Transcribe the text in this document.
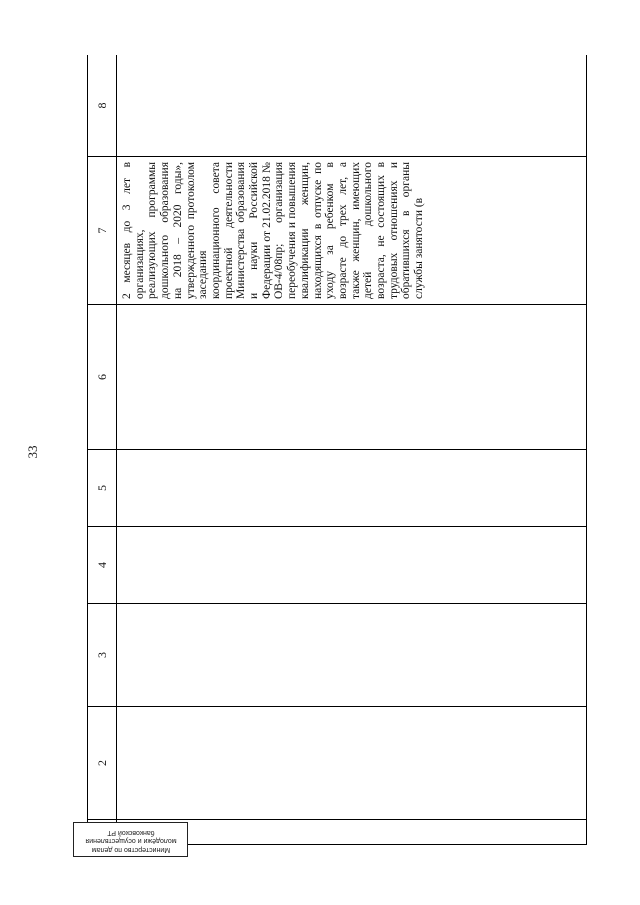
33
	2	3	4	5	6	7	8

						2 месяцев до 3 лет в организациях, реализующих программы дошкольного образования на 2018 – 2020 годы», утвержденного протоколом заседания координационного совета проектной деятельности Министерства образования и науки Российской Федерации от 21.02.2018 № ОВ-4/08пр; организация переобучения и повышения квалификации женщин, находящихся в отпуске по уходу за ребенком в возрасте до трех лет, а также женщин, имеющих детей дошкольного возраста, не состоящих в трудовых отношениях и обратившихся в органы службы занятости (в	

Министерство по делам
молодёжи и осуществления
банковской РТ
